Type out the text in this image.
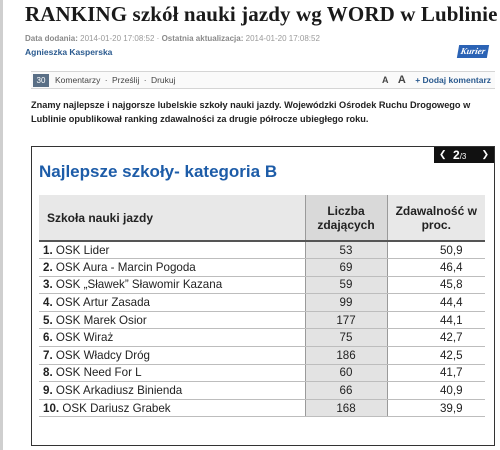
RANKING szkół nauki jazdy wg WORD w Lublinie
Data dodania: 2014-01-20 17:08:52 · Ostatnia aktualizacja: 2014-01-20 17:08:52
Agnieszka Kasperska	Kurier
30	Komentarzy · Prześlij · Drukuj	A A + Dodaj komentarz

Znamy najlepsze i najgorsze lubelskie szkoły nauki jazdy. Wojewódzki Ośrodek Ruchu Drogowego w Lublinie opublikował ranking zdawalności za drugie półrocze ubiegłego roku.

Najlepsze szkoły- kategoria B
❮ 2/3 ❯
Szkoła nauki jazdy	Liczba zdających	Zdawalność w proc.
1. OSK Lider	53	50,9
2. OSK Aura - Marcin Pogoda	69	46,4
3. OSK „Sławek” Sławomir Kazana	59	45,8
4. OSK Artur Zasada	99	44,4
5. OSK Marek Osior	177	44,1
6. OSK Wiraż	75	42,7
7. OSK Władcy Dróg	186	42,5
8. OSK Need For L	60	41,7
9. OSK Arkadiusz Binienda	66	40,9
10. OSK Dariusz Grabek	168	39,9
